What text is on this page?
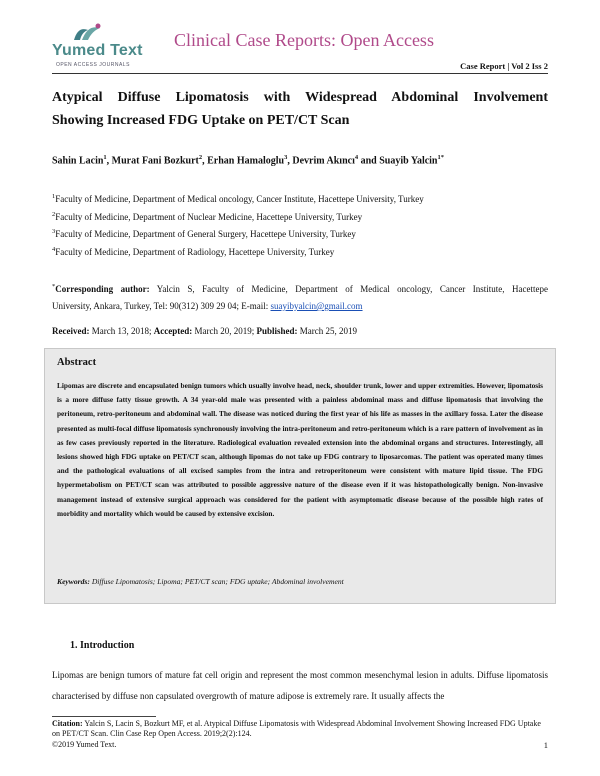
Yumed Text
OPEN ACCESS JOURNALS
Clinical Case Reports: Open Access
Case Report | Vol 2 Iss 2
Atypical Diffuse Lipomatosis with Widespread Abdominal Involvement
Showing Increased FDG Uptake on PET/CT Scan
Sahin Lacin$^1$, Murat Fani Bozkurt$^2$, Erhan Hamaloglu$^3$, Devrim Akıncı$^4$ and Suayib Yalcin$^{1*}$
$^1$Faculty of Medicine, Department of Medical oncology, Cancer Institute, Hacettepe University, Turkey
$^2$Faculty of Medicine, Department of Nuclear Medicine, Hacettepe University, Turkey
$^3$Faculty of Medicine, Department of General Surgery, Hacettepe University, Turkey
$^4$Faculty of Medicine, Department of Radiology, Hacettepe University, Turkey
*Corresponding author: Yalcin S, Faculty of Medicine, Department of Medical oncology, Cancer Institute, Hacettepe
University, Ankara, Turkey, Tel: 90(312) 309 29 04; E-mail: suayibyalcin@gmail.com
Received: March 13, 2018; Accepted: March 20, 2019; Published: March 25, 2019
Abstract
Lipomas are discrete and encapsulated benign tumors which usually involve head, neck, shoulder trunk, lower and upper extremities. However, lipomatosis is a more diffuse fatty tissue growth. A 34 year-old male was presented with a painless abdominal mass and diffuse lipomatosis that involving the peritoneum, retro-peritoneum and abdominal wall. The disease was noticed during the first year of his life as masses in the axillary fossa. Later the disease presented as multi-focal diffuse lipomatosis synchronously involving the intra-peritoneum and retro-peritoneum which is a rare pattern of involvement as in as few cases previously reported in the literature. Radiological evaluation revealed extension into the abdominal organs and structures. Interestingly, all lesions showed high FDG uptake on PET/CT scan, although lipomas do not take up FDG contrary to liposarcomas. The patient was operated many times and the pathological evaluations of all excised samples from the intra and retroperitoneum were consistent with mature lipid tissue. The FDG hypermetabolism on PET/CT scan was attributed to possible aggressive nature of the disease even if it was histopathologically benign. Non-invasive management instead of extensive surgical approach was considered for the patient with asymptomatic disease because of the possible high rates of morbidity and mortality which would be caused by extensive excision.
Keywords: Diffuse Lipomatosis; Lipoma; PET/CT scan; FDG uptake; Abdominal involvement
1. Introduction
Lipomas are benign tumors of mature fat cell origin and represent the most common mesenchymal lesion in adults. Diffuse lipomatosis characterised by diffuse non capsulated overgrowth of mature adipose is extremely rare. It usually affects the
Citation: Yalcin S, Lacin S, Bozkurt MF, et al. Atypical Diffuse Lipomatosis with Widespread Abdominal Involvement Showing Increased FDG Uptake on PET/CT Scan. Clin Case Rep Open Access. 2019;2(2):124.
©2019 Yumed Text.	1
